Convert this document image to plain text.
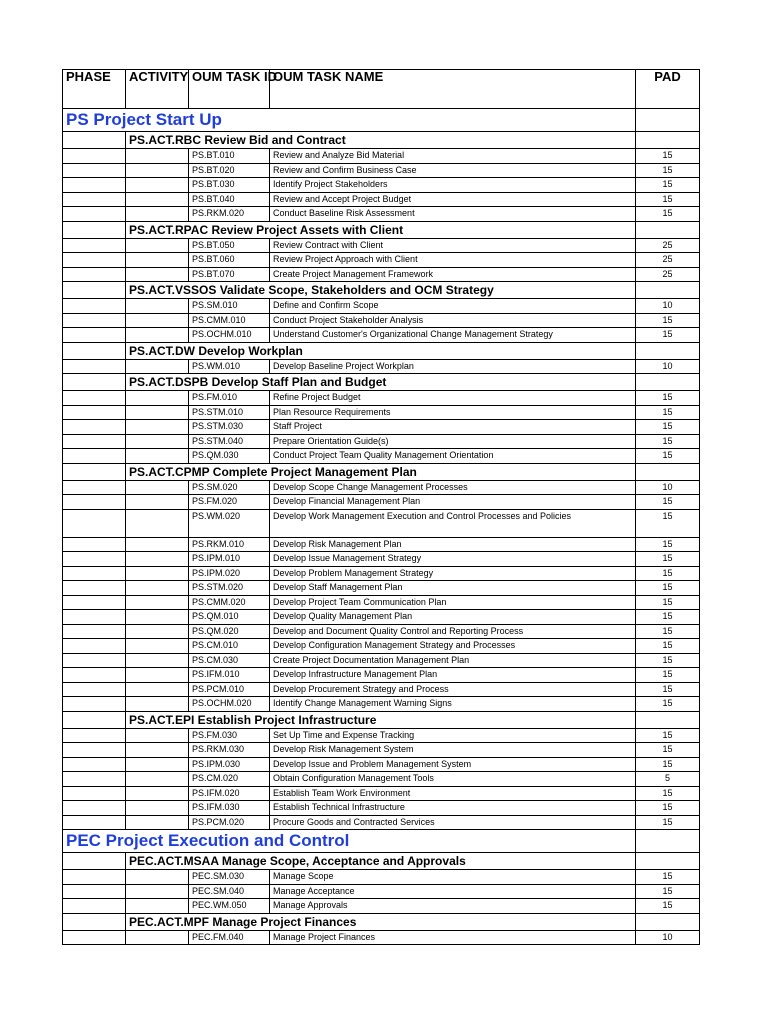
PHASE	ACTIVITY	OUM TASK ID	OUM TASK NAME	PAD
PS Project Start Up				
	PS.ACT.RBC Review Bid and Contract			
		PS.BT.010	Review and Analyze Bid Material	15
		PS.BT.020	Review and Confirm Business Case	15
		PS.BT.030	Identify Project Stakeholders	15
		PS.BT.040	Review and Accept Project Budget	15
		PS.RKM.020	Conduct Baseline Risk Assessment	15
	PS.ACT.RPAC Review Project Assets with Client			
		PS.BT.050	Review Contract with Client	25
		PS.BT.060	Review Project Approach with Client	25
		PS.BT.070	Create Project Management Framework	25
	PS.ACT.VSSOS Validate Scope, Stakeholders and OCM Strategy			
		PS.SM.010	Define and Confirm Scope	10
		PS.CMM.010	Conduct Project Stakeholder Analysis	15
		PS.OCHM.010	Understand Customer's Organizational Change Management Strategy	15
	PS.ACT.DW Develop Workplan			
		PS.WM.010	Develop Baseline Project Workplan	10
	PS.ACT.DSPB Develop Staff Plan and Budget			
		PS.FM.010	Refine Project Budget	15
		PS.STM.010	Plan Resource Requirements	15
		PS.STM.030	Staff Project	15
		PS.STM.040	Prepare Orientation Guide(s)	15
		PS.QM.030	Conduct Project Team Quality Management Orientation	15
	PS.ACT.CPMP Complete Project Management Plan			
		PS.SM.020	Develop Scope Change Management Processes	10
		PS.FM.020	Develop Financial Management Plan	15
		PS.WM.020	Develop Work Management Execution and Control Processes and Policies	15
		PS.RKM.010	Develop Risk Management Plan	15
		PS.IPM.010	Develop Issue Management Strategy	15
		PS.IPM.020	Develop Problem Management Strategy	15
		PS.STM.020	Develop Staff Management Plan	15
		PS.CMM.020	Develop Project Team Communication Plan	15
		PS.QM.010	Develop Quality Management Plan	15
		PS.QM.020	Develop and Document Quality Control and Reporting Process	15
		PS.CM.010	Develop Configuration Management Strategy and Processes	15
		PS.CM.030	Create Project Documentation Management Plan	15
		PS.IFM.010	Develop Infrastructure Management Plan	15
		PS.PCM.010	Develop Procurement Strategy and Process	15
		PS.OCHM.020	Identify Change Management Warning Signs	15
	PS.ACT.EPI Establish Project Infrastructure			
		PS.FM.030	Set Up Time and Expense Tracking	15
		PS.RKM.030	Develop Risk Management System	15
		PS.IPM.030	Develop Issue and Problem Management System	15
		PS.CM.020	Obtain Configuration Management Tools	5
		PS.IFM.020	Establish Team Work Environment	15
		PS.IFM.030	Establish Technical Infrastructure	15
		PS.PCM.020	Procure Goods and Contracted Services	15
PEC Project Execution and Control				
	PEC.ACT.MSAA Manage Scope, Acceptance and Approvals			
		PEC.SM.030	Manage Scope	15
		PEC.SM.040	Manage Acceptance	15
		PEC.WM.050	Manage Approvals	15
	PEC.ACT.MPF Manage Project Finances			
		PEC.FM.040	Manage Project Finances	10
